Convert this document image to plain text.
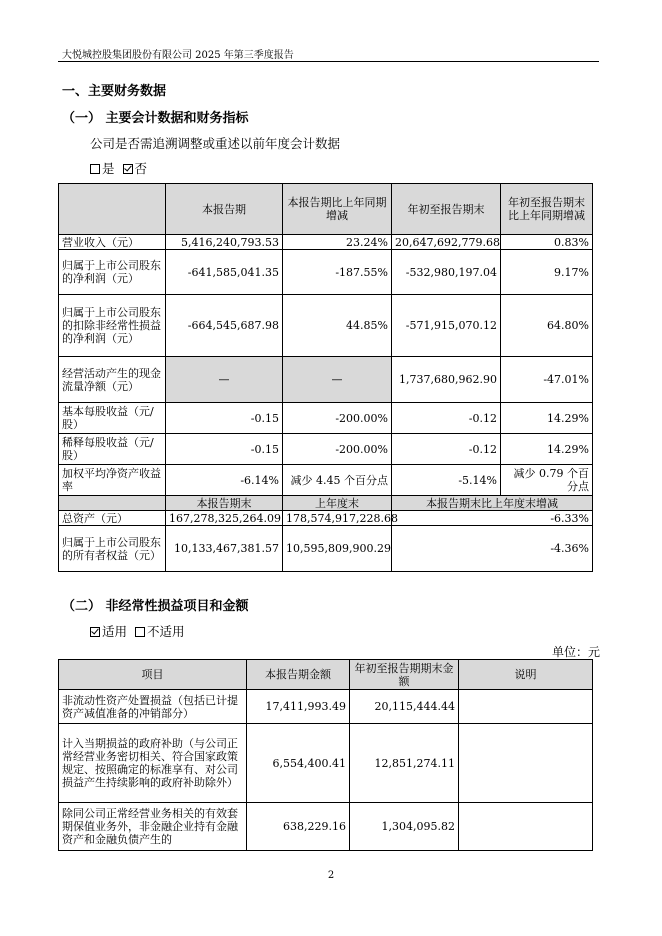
大悦城控股集团股份有限公司 2025 年第三季度报告
一、主要财务数据
（一） 主要会计数据和财务指标
公司是否需追溯调整或重述以前年度会计数据
是 否
	本报告期	本报告期比上年同期增减	年初至报告期末	年初至报告期末比上年同期增减
营业收入（元）	5,416,240,793.53	23.24%	20,647,692,779.68	0.83%
归属于上市公司股东的净利润（元）	-641,585,041.35	-187.55%	-532,980,197.04	9.17%
归属于上市公司股东的扣除非经常性损益的净利润（元）	-664,545,687.98	44.85%	-571,915,070.12	64.80%
经营活动产生的现金流量净额（元）	—	—	1,737,680,962.90	-47.01%
基本每股收益（元/股）	-0.15	-200.00%	-0.12	14.29%
稀释每股收益（元/股）	-0.15	-200.00%	-0.12	14.29%
加权平均净资产收益率	-6.14%	减少 4.45 个百分点	-5.14%	减少 0.79 个百分点
	本报告期末	上年度末	本报告期末比上年度末增减	
总资产（元）	167,278,325,264.09	178,574,917,228.68	-6.33%	
归属于上市公司股东的所有者权益（元）	10,133,467,381.57	10,595,809,900.29	-4.36%	
（二） 非经常性损益项目和金额
适用 不适用
单位：元
项目	本报告期金额	年初至报告期期末金额	说明
非流动性资产处置损益（包括已计提资产减值准备的冲销部分）	17,411,993.49	20,115,444.44	
计入当期损益的政府补助（与公司正常经营业务密切相关、符合国家政策规定、按照确定的标准享有、对公司损益产生持续影响的政府补助除外）	6,554,400.41	12,851,274.11	
除同公司正常经营业务相关的有效套期保值业务外，非金融企业持有金融资产和金融负债产生的	638,229.16	1,304,095.82	
2
